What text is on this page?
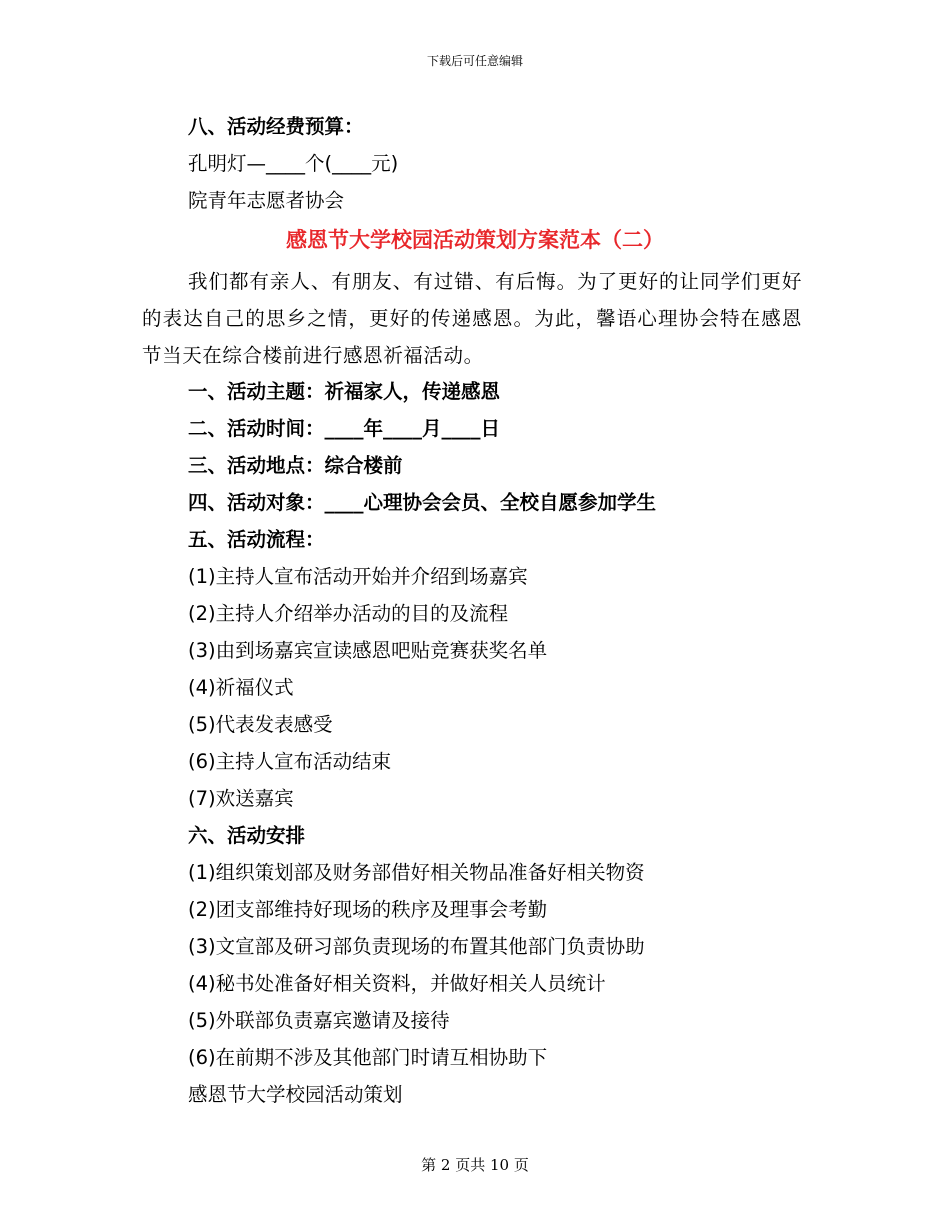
下载后可任意编辑
八、活动经费预算：
孔明灯—____个(____元)
院青年志愿者协会
感恩节大学校园活动策划方案范本（二）
我们都有亲人、有朋友、有过错、有后悔。为了更好的让同学们更好的表达自己的思乡之情，更好的传递感恩。为此，馨语心理协会特在感恩节当天在综合楼前进行感恩祈福活动。
一、活动主题：祈福家人，传递感恩
二、活动时间：____年____月____日
三、活动地点：综合楼前
四、活动对象：____心理协会会员、全校自愿参加学生
五、活动流程：
(1)主持人宣布活动开始并介绍到场嘉宾
(2)主持人介绍举办活动的目的及流程
(3)由到场嘉宾宣读感恩吧贴竞赛获奖名单
(4)祈福仪式
(5)代表发表感受
(6)主持人宣布活动结束
(7)欢送嘉宾
六、活动安排
(1)组织策划部及财务部借好相关物品准备好相关物资
(2)团支部维持好现场的秩序及理事会考勤
(3)文宣部及研习部负责现场的布置其他部门负责协助
(4)秘书处准备好相关资料，并做好相关人员统计
(5)外联部负责嘉宾邀请及接待
(6)在前期不涉及其他部门时请互相协助下
感恩节大学校园活动策划
第 2 页共 10 页
